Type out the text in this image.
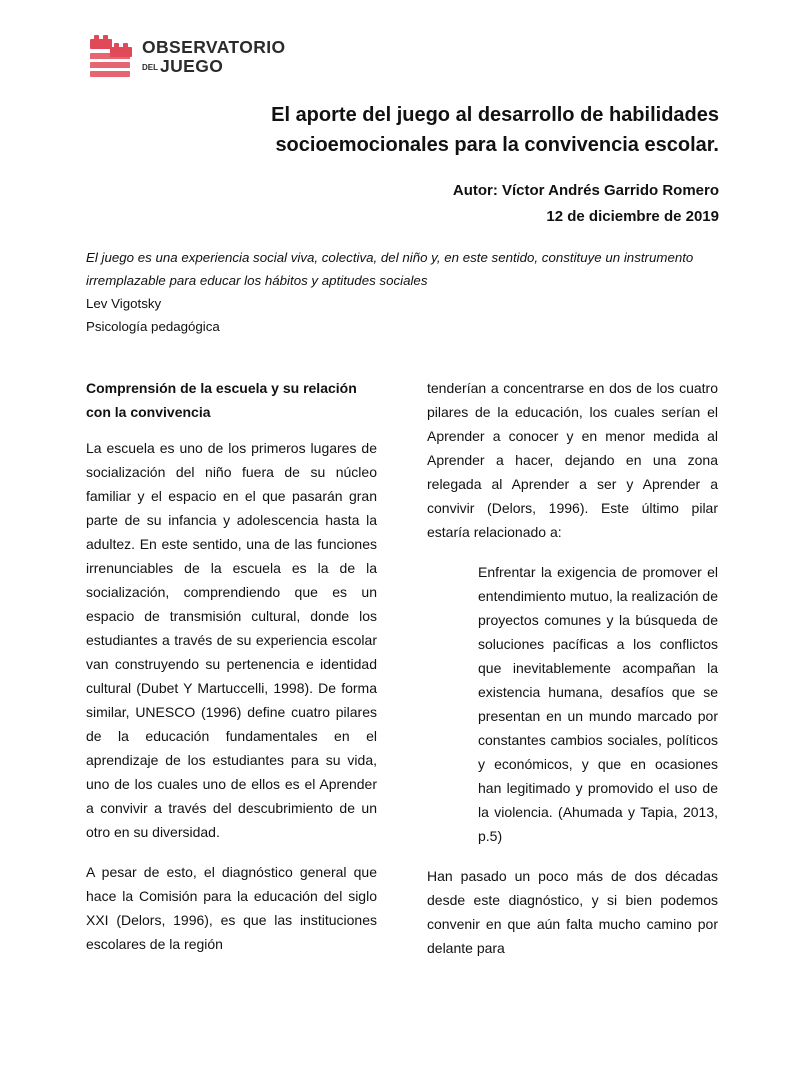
OBSERVATORIO
DEL JUEGO
El aporte del juego al desarrollo de habilidades
socioemocionales para la convivencia escolar.
Autor: Víctor Andrés Garrido Romero
12 de diciembre de 2019
El juego es una experiencia social viva, colectiva, del niño y, en este sentido, constituye un instrumento irremplazable para educar los hábitos y aptitudes sociales
Lev Vigotsky
Psicología pedagógica
Comprensión de la escuela y su relación con la convivencia

La escuela es uno de los primeros lugares de socialización del niño fuera de su núcleo familiar y el espacio en el que pasarán gran parte de su infancia y adolescencia hasta la adultez. En este sentido, una de las funciones irrenunciables de la escuela es la de la socialización, comprendiendo que es un espacio de transmisión cultural, donde los estudiantes a través de su experiencia escolar van construyendo su pertenencia e identidad cultural (Dubet Y Martuccelli, 1998). De forma similar, UNESCO (1996) define cuatro pilares de la educación fundamentales en el aprendizaje de los estudiantes para su vida, uno de los cuales uno de ellos es el Aprender a convivir a través del descubrimiento de un otro en su diversidad.

A pesar de esto, el diagnóstico general que hace la Comisión para la educación del siglo XXI (Delors, 1996), es que las instituciones escolares de la región

tenderían a concentrarse en dos de los cuatro pilares de la educación, los cuales serían el Aprender a conocer y en menor medida al Aprender a hacer, dejando en una zona relegada al Aprender a ser y Aprender a convivir (Delors, 1996). Este último pilar estaría relacionado a:

Enfrentar la exigencia de promover el entendimiento mutuo, la realización de proyectos comunes y la búsqueda de soluciones pacíficas a los conflictos que inevitablemente acompañan la existencia humana, desafíos que se presentan en un mundo marcado por constantes cambios sociales, políticos y económicos, y que en ocasiones han legitimado y promovido el uso de la violencia. (Ahumada y Tapia, 2013, p.5)

Han pasado un poco más de dos décadas desde este diagnóstico, y si bien podemos convenir en que aún falta mucho camino por delante para
